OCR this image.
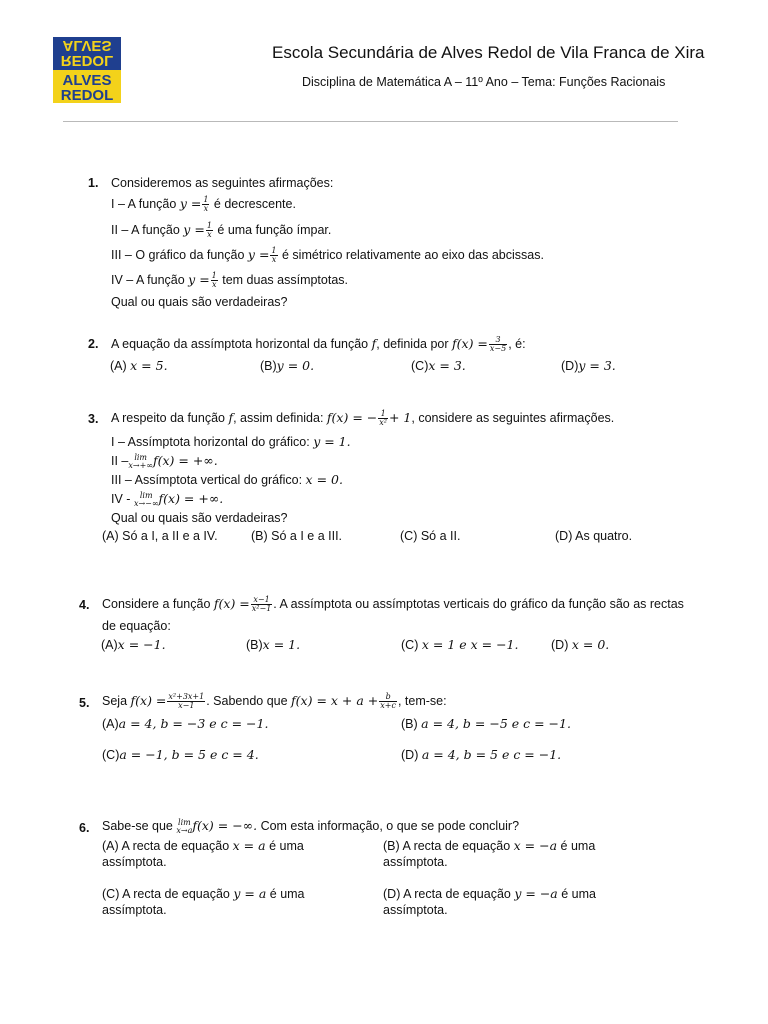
REDOL
ALVES
ALVES
REDOL
Escola Secundária de Alves Redol de Vila Franca de Xira
Disciplina de Matemática A – 11º Ano – Tema: Funções Racionais
1. Consideremos as seguintes afirmações:
I – A função $y = \frac{1}{x}$ é decrescente.
II – A função $y = \frac{1}{x}$ é uma função ímpar.
III – O gráfico da função $y = \frac{1}{x}$ é simétrico relativamente ao eixo das abcissas.
IV – A função $y = \frac{1}{x}$ tem duas assímptotas.
Qual ou quais são verdadeiras?
2. A equação da assímptota horizontal da função f, definida por $f(x) = \frac{3}{x-5}$ , é:
(A) x = 5.	(B)y = 0.	(C)x = 3.	(D)y = 3.
3. A respeito da função f, assim definida: f(x) = − $\frac{1}{\text{x²}} + 1$, considere as seguintes afirmações.
I – Assímptota horizontal do gráfico: y = 1.
II – lim
x→+∞ f(x) = +∞.
III – Assímptota vertical do gráfico: x = 0.
IV -	lim
x→−∞ f(x) = +∞.
Qual ou quais são verdadeiras?
(A) Só a I, a II e a IV.	(B) Só a I e a III.	(C) Só a II.	(D) As quatro.
4. Considere a função $f(x) = \frac{x-1}{\text{x²−1}}$ . A assímptota ou assímptotas verticais do gráfico da função são as rectas
de equação:
(A)x = −1.	(B)x = 1.	(C) x = 1 e x = −1.	(D) x = 0.
5. Seja $f(x) = \frac{\text{x²+3x+1}}{x-1}$ . Sabendo que $f(x) = x + a + \frac{b}{x+c}$ , tem-se:
(A)a = 4, b = −3 e c = −1.	(B) a = 4, b = −5 e c = −1.
(C)a = −1, b = 5 e c = 4.	(D) a = 4, b = 5 e c = −1.
6. Sabe-se que lim
x→a f(x) = −∞. Com esta informação, o que se pode concluir?
(A) A recta de equação x = a é uma
assímptota.
(B) A recta de equação x = −a é uma
assímptota.
(C) A recta de equação y = a é uma
assímptota.
(D) A recta de equação y = −a é uma
assímptota.
